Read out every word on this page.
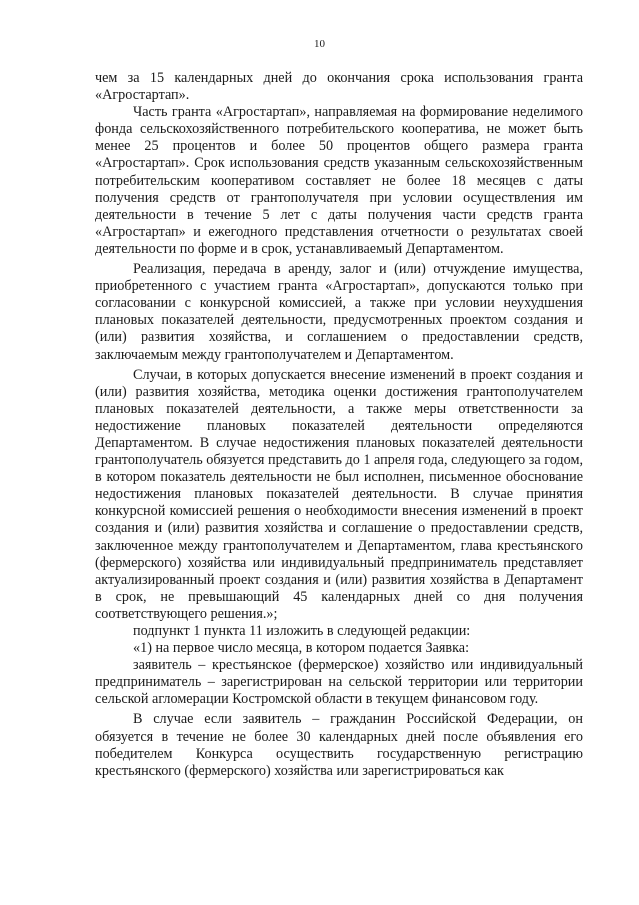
10

чем за 15 календарных дней до окончания срока использования гранта «Агростартап».

Часть гранта «Агростартап», направляемая на формирование неделимого фонда сельскохозяйственного потребительского кооператива, не может быть менее 25 процентов и более 50 процентов общего размера гранта «Агростартап». Срок использования средств указанным сельскохозяйственным потребительским кооперативом составляет не более 18 месяцев с даты получения средств от грантополучателя при условии осуществления им деятельности в течение 5 лет с даты получения части средств гранта «Агростартап» и ежегодного представления отчетности о результатах своей деятельности по форме и в срок, устанавливаемый Департаментом.

Реализация, передача в аренду, залог и (или) отчуждение имущества, приобретенного с участием гранта «Агростартап», допускаются только при согласовании с конкурсной комиссией, а также при условии неухудшения плановых показателей деятельности, предусмотренных проектом создания и (или) развития хозяйства, и соглашением о предоставлении средств, заключаемым между грантополучателем и Департаментом.

Случаи, в которых допускается внесение изменений в проект создания и (или) развития хозяйства, методика оценки достижения грантополучателем плановых показателей деятельности, а также меры ответственности за недостижение плановых показателей деятельности определяются Департаментом. В случае недостижения плановых показателей деятельности грантополучатель обязуется представить до 1 апреля года, следующего за годом, в котором показатель деятельности не был исполнен, письменное обоснование недостижения плановых показателей деятельности. В случае принятия конкурсной комиссией решения о необходимости внесения изменений в проект создания и (или) развития хозяйства и соглашение о предоставлении средств, заключенное между грантополучателем и Департаментом, глава крестьянского (фермерского) хозяйства или индивидуальный предприниматель представляет актуализированный проект создания и (или) развития хозяйства в Департамент в срок, не превышающий 45 календарных дней со дня получения соответствующего решения.»;

подпункт 1 пункта 11 изложить в следующей редакции:

«1) на первое число месяца, в котором подается Заявка:

заявитель – крестьянское (фермерское) хозяйство или индивидуальный предприниматель – зарегистрирован на сельской территории или территории сельской агломерации Костромской области в текущем финансовом году.

В случае если заявитель – гражданин Российской Федерации, он обязуется в течение не более 30 календарных дней после объявления его победителем Конкурса осуществить государственную регистрацию крестьянского (фермерского) хозяйства или зарегистрироваться как
